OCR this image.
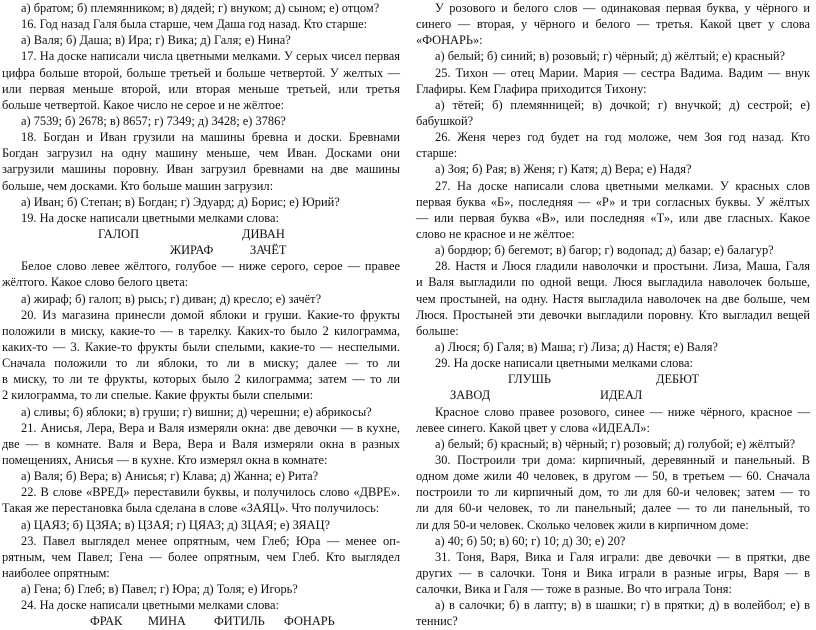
а) братом; б) племянником; в) дядей; г) внуком; д) сыном; е) отцом?
16. Год назад Галя была старше, чем Даша год назад. Кто старше:
а) Валя; б) Даша; в) Ира; г) Вика; д) Галя; е) Нина?
17. На доске написали числа цветными мелками. У серых чисел первая
цифра больше второй, больше третьей и больше четвертой. У желтых —
или первая меньше второй, или вторая меньше третьей, или третья
больше четвертой. Какое число не серое и не жёлтое:
а) 7539; б) 2678; в) 8657; г) 7349; д) 3428; е) 3786?
18. Богдан и Иван грузили на машины бревна и доски. Бревнами
Богдан загрузил на одну машину меньше, чем Иван. Досками они
загрузили машины поровну. Иван загрузил бревнами на две машины
больше, чем досками. Кто больше машин загрузил:
а) Иван; б) Степан; в) Богдан; г) Эдуард; д) Борис; е) Юрий?
19. На доске написали цветными мелками слова:
ГАЛОП	ДИВАН
ЖИРАФ	ЗАЧЁТ
Белое слово левее жёлтого, голубое — ниже серого, серое — правее
жёлтого. Какое слово белого цвета:
а) жираф; б) галоп; в) рысь; г) диван; д) кресло; е) зачёт?
20. Из магазина принесли домой яблоки и груши. Какие-то фрукты
положили в миску, какие-то — в тарелку. Каких-то было 2 килограмма,
каких-то — 3. Какие-то фрукты были спелыми, какие-то — неспелыми.
Сначала положили то ли яблоки, то ли в миску; далее — то ли
в миску, то ли те фрукты, которых было 2 килограмма; затем — то ли
2 килограмма, то ли спелые. Какие фрукты были спелыми:
а) сливы; б) яблоки; в) груши; г) вишни; д) черешни; е) абрикосы?
21. Анисья, Лера, Вера и Валя измеряли окна: две девочки — в кухне,
две — в комнате. Валя и Вера, Вера и Валя измеряли окна в разных
помещениях, Анисья — в кухне. Кто измерял окна в комнате:
а) Валя; б) Вера; в) Анисья; г) Клава; д) Жанна; е) Рита?
22. В слове «ВРЕД» переставили буквы, и получилось слово «ДВРЕ».
Такая же перестановка была сделана в слове «ЗАЯЦ». Что получилось:
а) ЦАЯЗ; б) ЦЗЯА; в) ЦЗАЯ; г) ЦЯАЗ; д) ЗЦАЯ; е) ЗЯАЦ?
23. Павел выглядел менее опрятным, чем Глеб; Юра — менее оп-
рятным, чем Павел; Гена — более опрятным, чем Глеб. Кто выглядел
наиболее опрятным:
а) Гена; б) Глеб; в) Павел; г) Юра; д) Толя; е) Игорь?
24. На доске написали цветными мелками слова:
ФРАК МИНА ФИТИЛЬ ФОНАРЬ
У розового и белого слов — одинаковая первая буква, у чёрного и
синего — вторая, у чёрного и белого — третья. Какой цвет у слова
«ФОНАРЬ»:
а) белый; б) синий; в) розовый; г) чёрный; д) жёлтый; е) красный?
25. Тихон — отец Марии. Мария — сестра Вадима. Вадим — внук
Глафиры. Кем Глафира приходится Тихону:
а) тётей; б) племянницей; в) дочкой; г) внучкой; д) сестрой; е)
бабушкой?
26. Женя через год будет на год моложе, чем Зоя год назад. Кто
старше:
а) Зоя; б) Рая; в) Женя; г) Катя; д) Вера; е) Надя?
27. На доске написали слова цветными мелками. У красных слов
первая буква «Б», последняя — «Р» и три согласных буквы. У жёлтых
— или первая буква «В», или последняя «Т», или две гласных. Какое
слово не красное и не жёлтое:
а) бордюр; б) бегемот; в) багор; г) водопад; д) базар; е) балагур?
28. Настя и Люся гладили наволочки и простыни. Лиза, Маша, Галя
и Валя выгладили по одной вещи. Люся выгладила наволочек больше,
чем простыней, на одну. Настя выгладила наволочек на две больше, чем
Люся. Простыней эти девочки выгладили поровну. Кто выгладил вещей
больше:
а) Люся; б) Галя; в) Маша; г) Лиза; д) Настя; е) Валя?
29. На доске написали цветными мелками слова:
ГЛУШЬ	ДЕБЮТ
ЗАВОД	ИДЕАЛ
Красное слово правее розового, синее — ниже чёрного, красное —
левее синего. Какой цвет у слова «ИДЕАЛ»:
а) белый; б) красный; в) чёрный; г) розовый; д) голубой; е) жёлтый?
30. Построили три дома: кирпичный, деревянный и панельный. В
одном доме жили 40 человек, в другом — 50, в третьем — 60. Сначала
построили то ли кирпичный дом, то ли для 60-и человек; затем — то
ли для 60-и человек, то ли панельный; далее — то ли панельный, то
ли для 50-и человек. Сколько человек жили в кирпичном доме:
а) 40; б) 50; в) 60; г) 10; д) 30; е) 20?
31. Тоня, Варя, Вика и Галя играли: две девочки — в прятки, две
других — в салочки. Тоня и Вика играли в разные игры, Варя — в
салочки, Вика и Галя — тоже в разные. Во что играла Тоня:
а) в салочки; б) в лапту; в) в шашки; г) в прятки; д) в волейбол; е) в
теннис?
